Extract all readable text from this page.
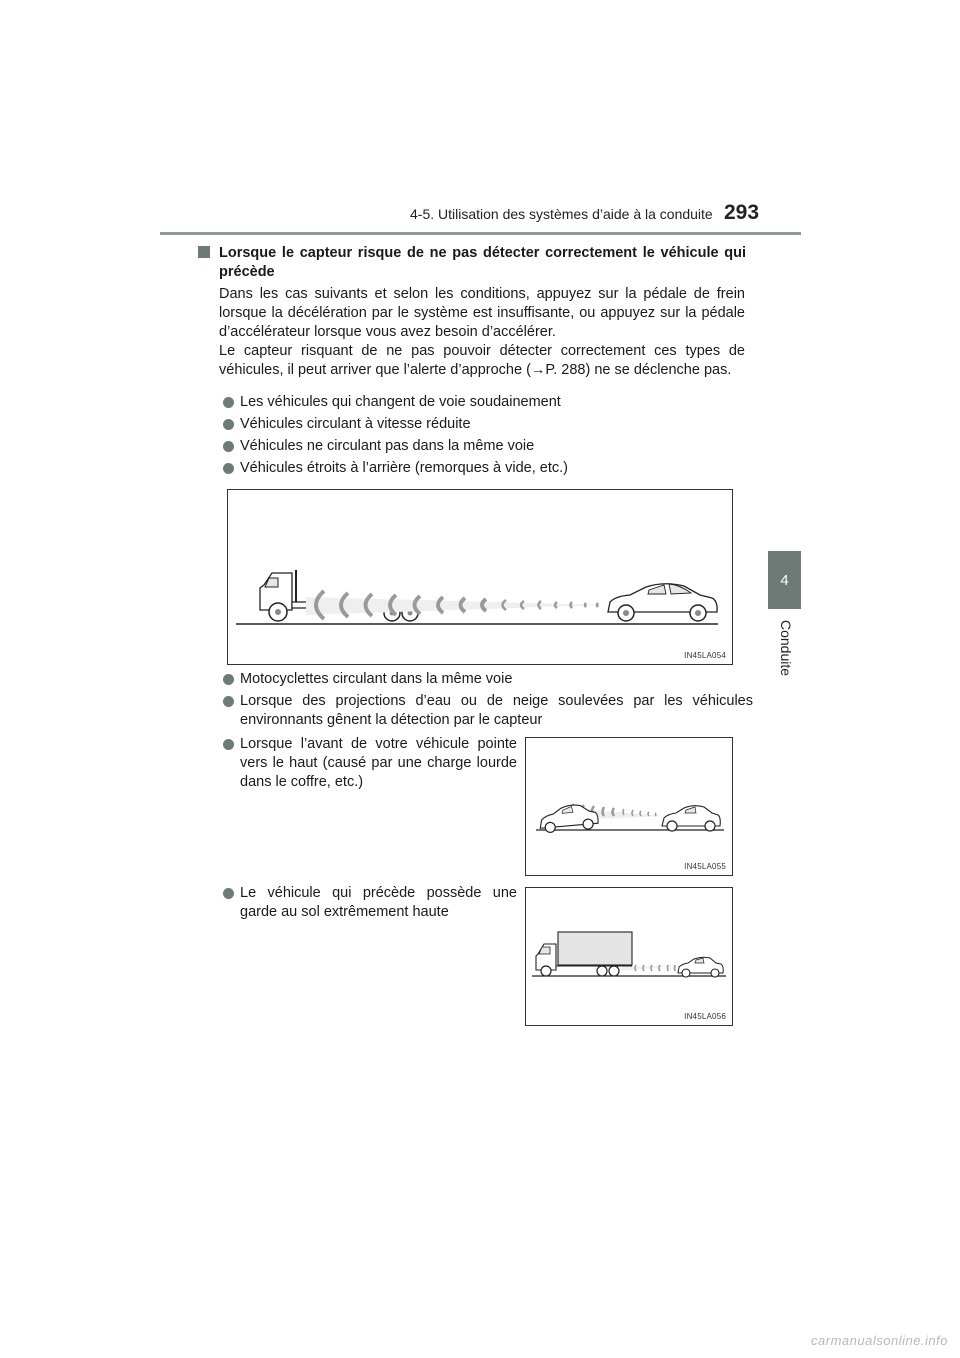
4-5. Utilisation des systèmes d’aide à la conduite 293
4
Conduite
Lorsque le capteur risque de ne pas détecter correctement le véhicule qui précède
Dans les cas suivants et selon les conditions, appuyez sur la pédale de frein lorsque la décélération par le système est insuffisante, ou appuyez sur la pédale d’accélérateur lorsque vous avez besoin d’accélérer.
Le capteur risquant de ne pas pouvoir détecter correctement ces types de véhicules, il peut arriver que l’alerte d’approche (→P. 288) ne se déclenche pas.
Les véhicules qui changent de voie soudainement
Véhicules circulant à vitesse réduite
Véhicules ne circulant pas dans la même voie
Véhicules étroits à l’arrière (remorques à vide, etc.)
IN45LA054
Motocyclettes circulant dans la même voie
Lorsque des projections d’eau ou de neige soulevées par les véhicules environnants gênent la détection par le capteur
Lorsque l’avant de votre véhicule pointe vers le haut (causé par une charge lourde dans le coffre, etc.)
IN45LA055
Le véhicule qui précède possède une garde au sol extrêmement haute
IN45LA056
carmanualsonline.info
